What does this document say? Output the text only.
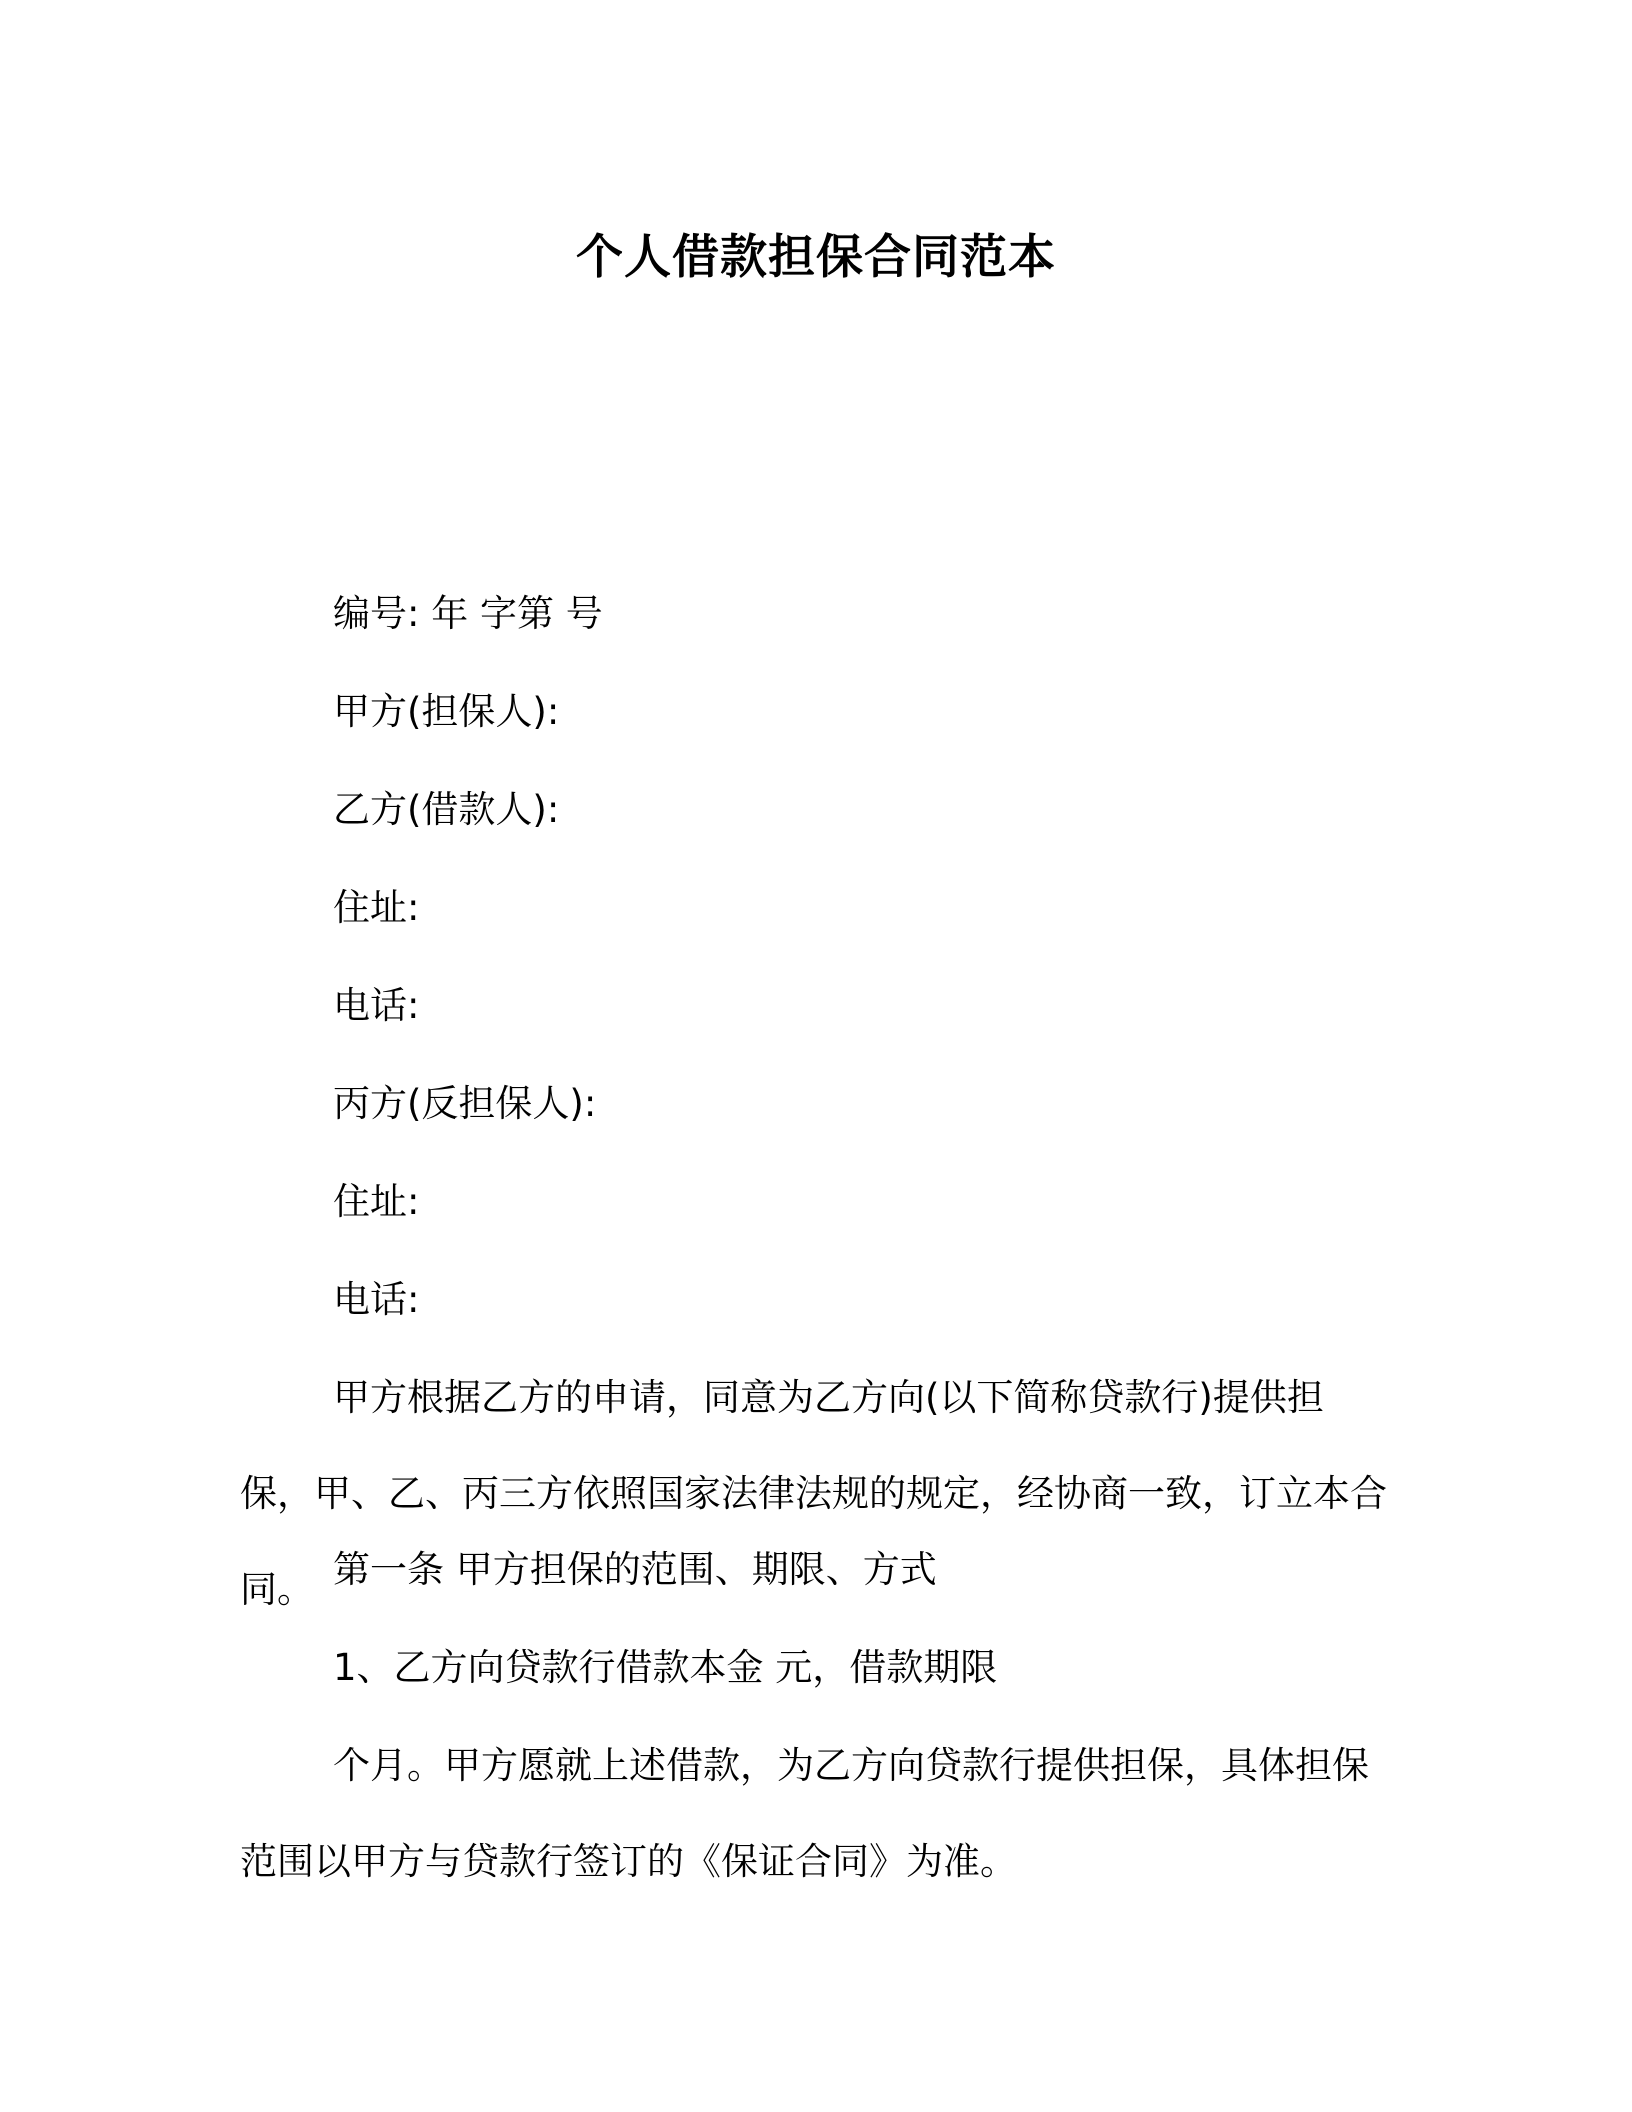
个人借款担保合同范本
编号: 年 字第 号
甲方(担保人):
乙方(借款人):
住址:
电话:
丙方(反担保人):
住址:
电话:

甲方根据乙方的申请，同意为乙方向(以下简称贷款行)提供担保，甲、乙、丙三方依照国家法律法规的规定，经协商一致，订立本合同。 第一条 甲方担保的范围、期限、方式
1、乙方向贷款行借款本金 元，借款期限

个月。甲方愿就上述借款，为乙方向贷款行提供担保，具体担保范围以甲方与贷款行签订的《保证合同》为准。
